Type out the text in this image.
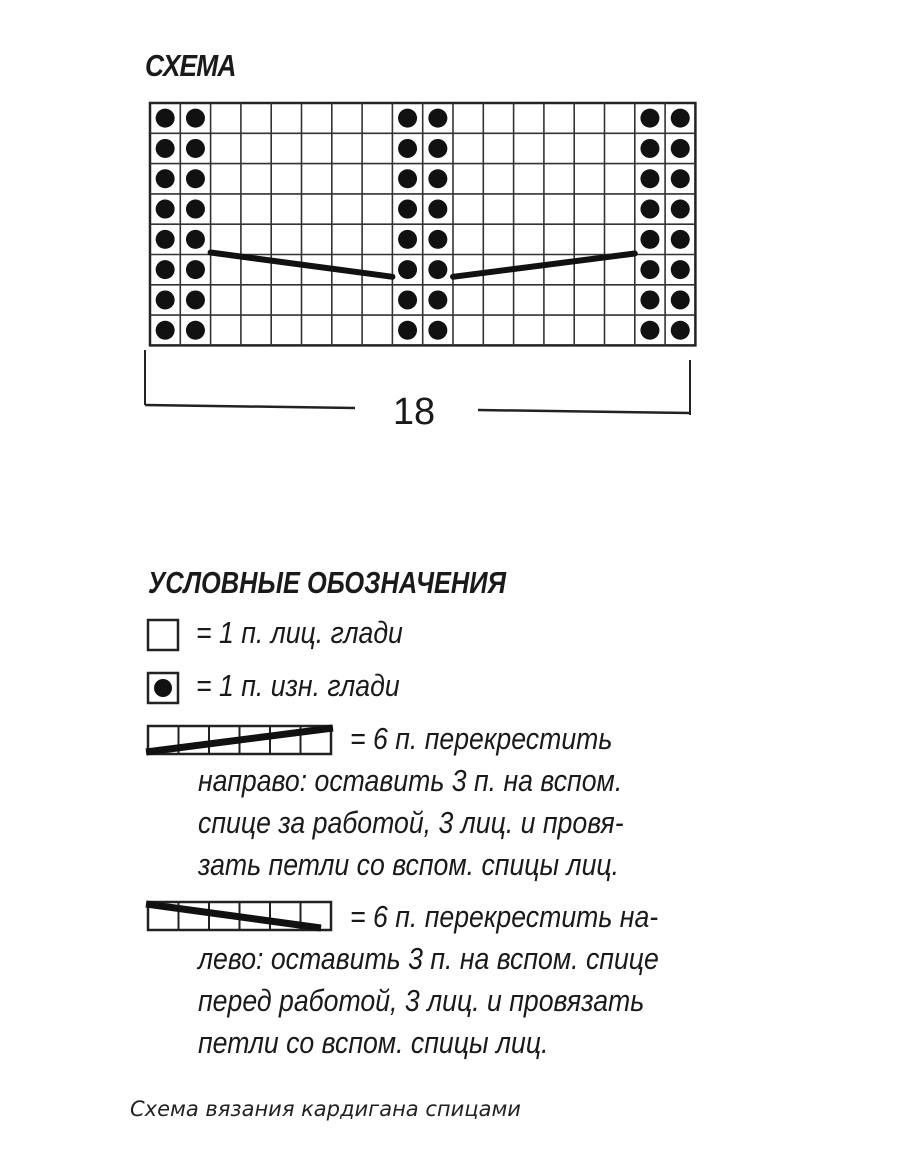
СХЕМА
18
УСЛОВНЫЕ ОБОЗНАЧЕНИЯ
= 1 п. лиц. глади
= 1 п. изн. глади
= 6 п. перекрестить
направо: оставить 3 п. на вспом.
спице за работой, 3 лиц. и провя-
зать петли со вспом. спицы лиц.
= 6 п. перекрестить на-
лево: оставить 3 п. на вспом. спице
перед работой, 3 лиц. и провязать
петли со вспом. спицы лиц.
Схема вязания кардигана спицами
